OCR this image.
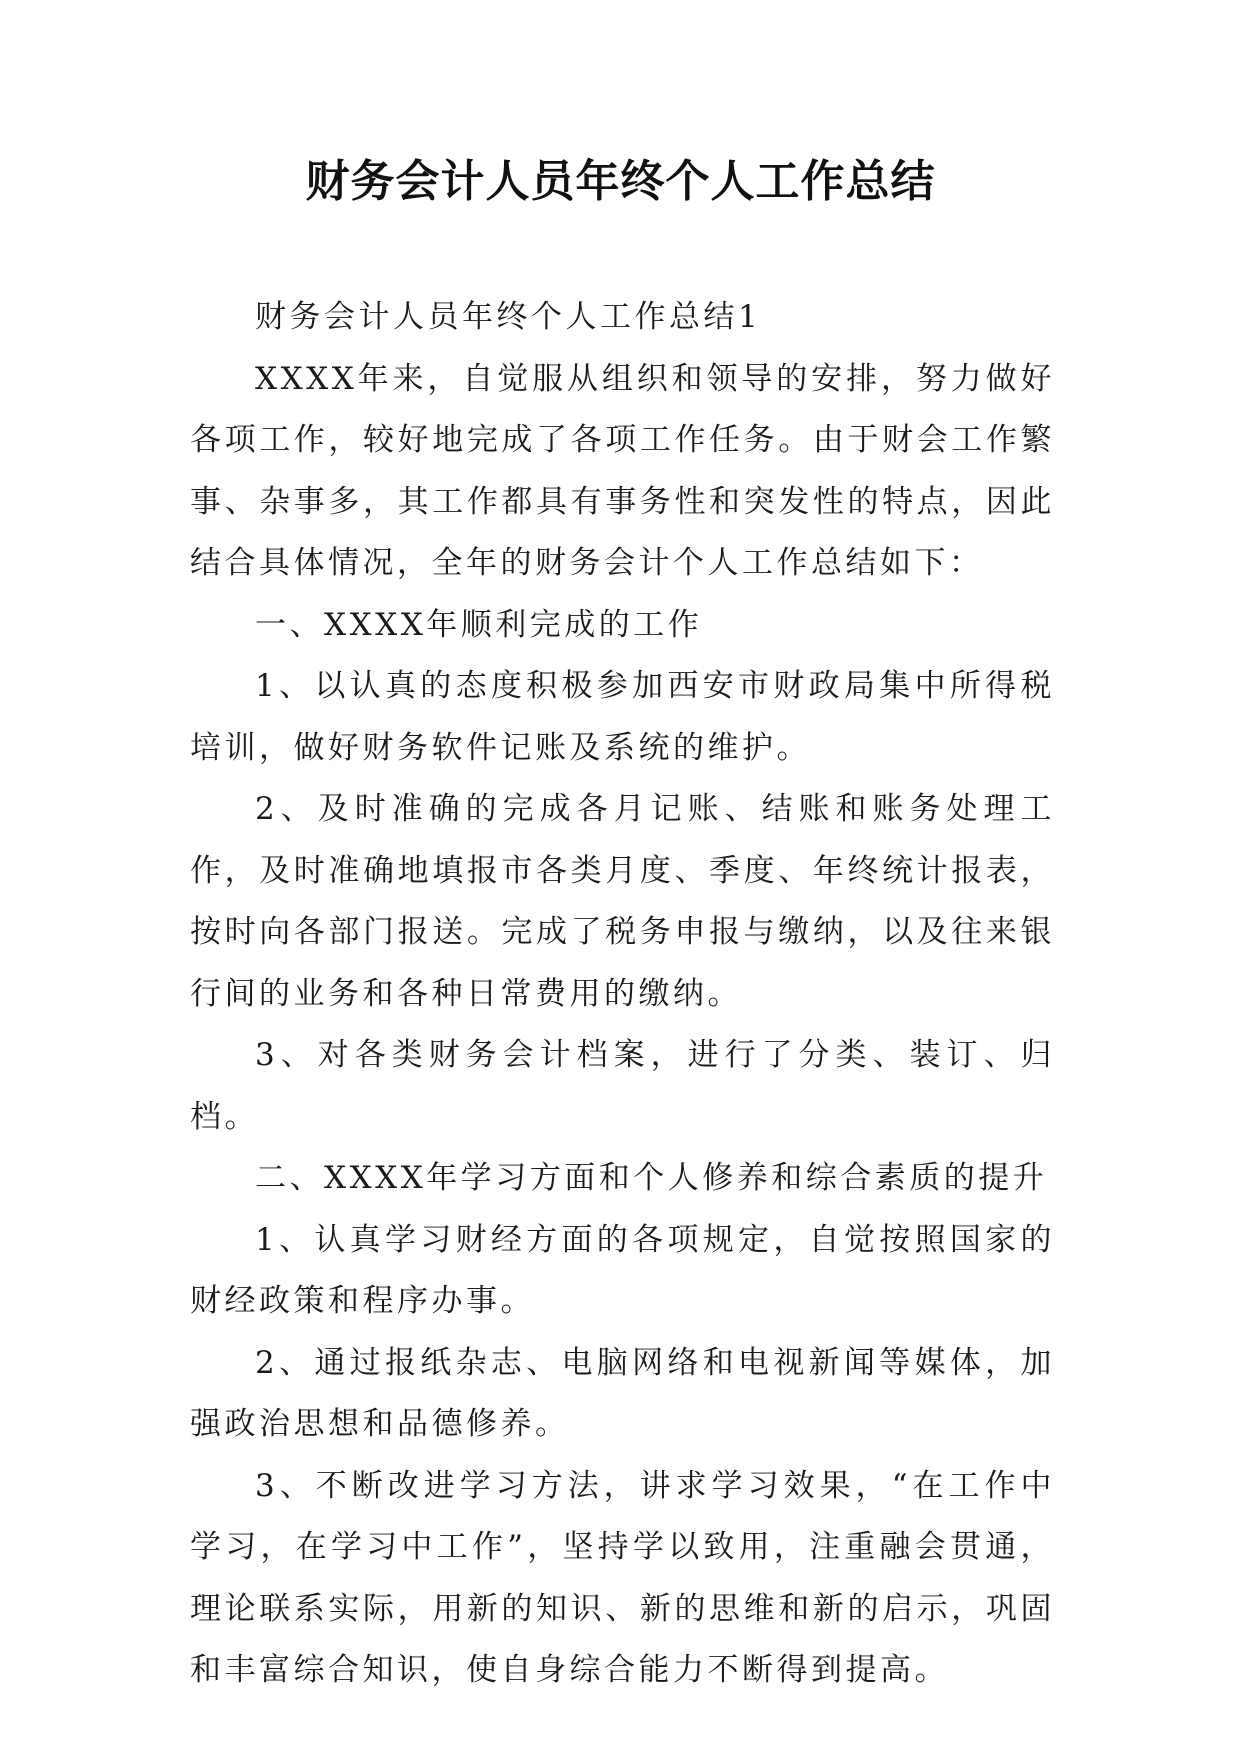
财务会计人员年终个人工作总结

财务会计人员年终个人工作总结1

XXXX年来，自觉服从组织和领导的安排，努力做好各项工作，较好地完成了各项工作任务。由于财会工作繁事、杂事多，其工作都具有事务性和突发性的特点，因此结合具体情况，全年的财务会计个人工作总结如下：

一、XXXX年顺利完成的工作

1、以认真的态度积极参加西安市财政局集中所得税培训，做好财务软件记账及系统的维护。

2、及时准确的完成各月记账、结账和账务处理工作，及时准确地填报市各类月度、季度、年终统计报表，按时向各部门报送。完成了税务申报与缴纳，以及往来银行间的业务和各种日常费用的缴纳。

3、对各类财务会计档案，进行了分类、装订、归档。

二、XXXX年学习方面和个人修养和综合素质的提升

1、认真学习财经方面的各项规定，自觉按照国家的财经政策和程序办事。

2、通过报纸杂志、电脑网络和电视新闻等媒体，加强政治思想和品德修养。

3、不断改进学习方法，讲求学习效果，“在工作中学习，在学习中工作”，坚持学以致用，注重融会贯通，理论联系实际，用新的知识、新的思维和新的启示，巩固和丰富综合知识，使自身综合能力不断得到提高。
